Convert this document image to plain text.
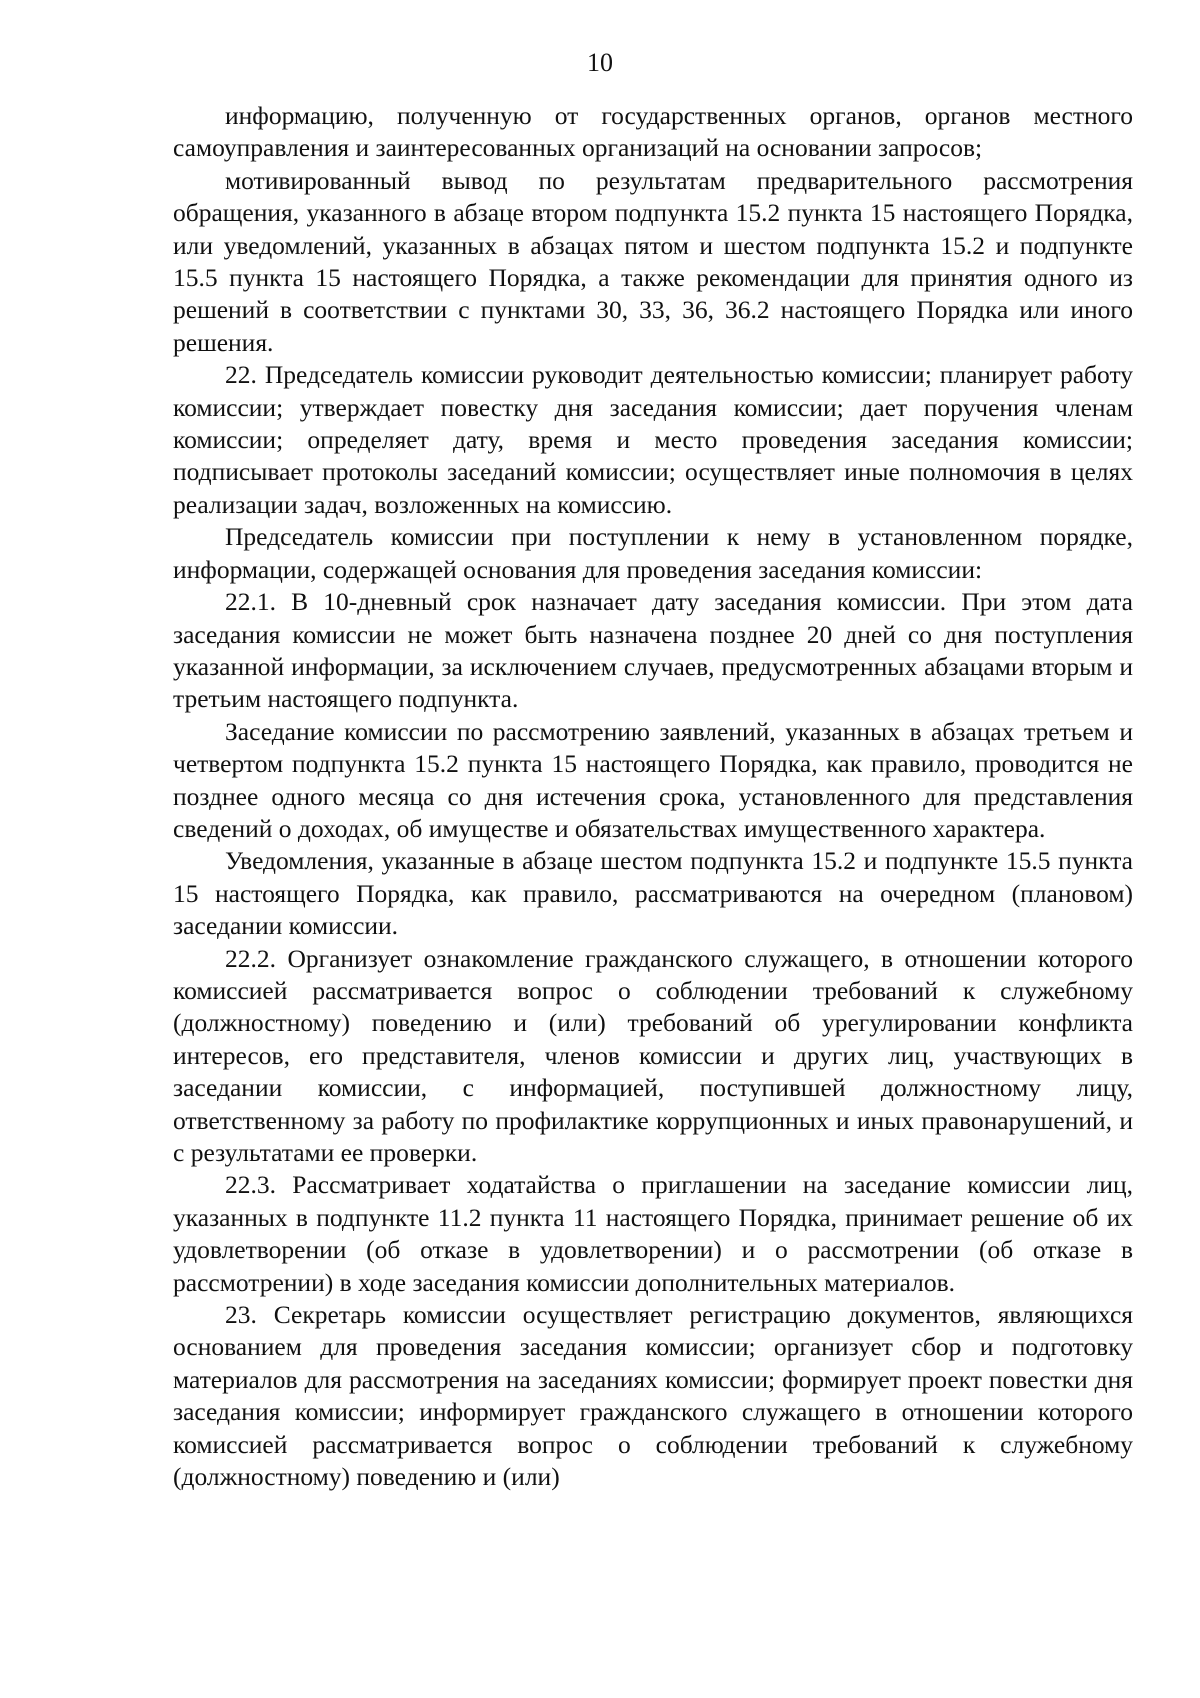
10

информацию, полученную от государственных органов, органов местного самоуправления и заинтересованных организаций на основании запросов;

мотивированный вывод по результатам предварительного рассмотрения обращения, указанного в абзаце втором подпункта 15.2 пункта 15 настоящего Порядка, или уведомлений, указанных в абзацах пятом и шестом подпункта 15.2 и подпункте 15.5 пункта 15 настоящего Порядка, а также рекомендации для принятия одного из решений в соответствии с пунктами 30, 33, 36, 36.2 настоящего Порядка или иного решения.

22. Председатель комиссии руководит деятельностью комиссии; планирует работу комиссии; утверждает повестку дня заседания комиссии; дает поручения членам комиссии; определяет дату, время и место проведения заседания комиссии; подписывает протоколы заседаний комиссии; осуществляет иные полномочия в целях реализации задач, возложенных на комиссию.

Председатель комиссии при поступлении к нему в установленном порядке, информации, содержащей основания для проведения заседания комиссии:

22.1. В 10-дневный срок назначает дату заседания комиссии. При этом дата заседания комиссии не может быть назначена позднее 20 дней со дня поступления указанной информации, за исключением случаев, предусмотренных абзацами вторым и третьим настоящего подпункта.

Заседание комиссии по рассмотрению заявлений, указанных в абзацах третьем и четвертом подпункта 15.2 пункта 15 настоящего Порядка, как правило, проводится не позднее одного месяца со дня истечения срока, установленного для представления сведений о доходах, об имуществе и обязательствах имущественного характера.

Уведомления, указанные в абзаце шестом подпункта 15.2 и подпункте 15.5 пункта 15 настоящего Порядка, как правило, рассматриваются на очередном (плановом) заседании комиссии.

22.2. Организует ознакомление гражданского служащего, в отношении которого комиссией рассматривается вопрос о соблюдении требований к служебному (должностному) поведению и (или) требований об урегулировании конфликта интересов, его представителя, членов комиссии и других лиц, участвующих в заседании комиссии, с информацией, поступившей должностному лицу, ответственному за работу по профилактике коррупционных и иных правонарушений, и с результатами ее проверки.

22.3. Рассматривает ходатайства о приглашении на заседание комиссии лиц, указанных в подпункте 11.2 пункта 11 настоящего Порядка, принимает решение об их удовлетворении (об отказе в удовлетворении) и о рассмотрении (об отказе в рассмотрении) в ходе заседания комиссии дополнительных материалов.

23. Секретарь комиссии осуществляет регистрацию документов, являющихся основанием для проведения заседания комиссии; организует сбор и подготовку материалов для рассмотрения на заседаниях комиссии; формирует проект повестки дня заседания комиссии; информирует гражданского служащего в отношении которого комиссией рассматривается вопрос о соблюдении требований к служебному (должностному) поведению и (или)
